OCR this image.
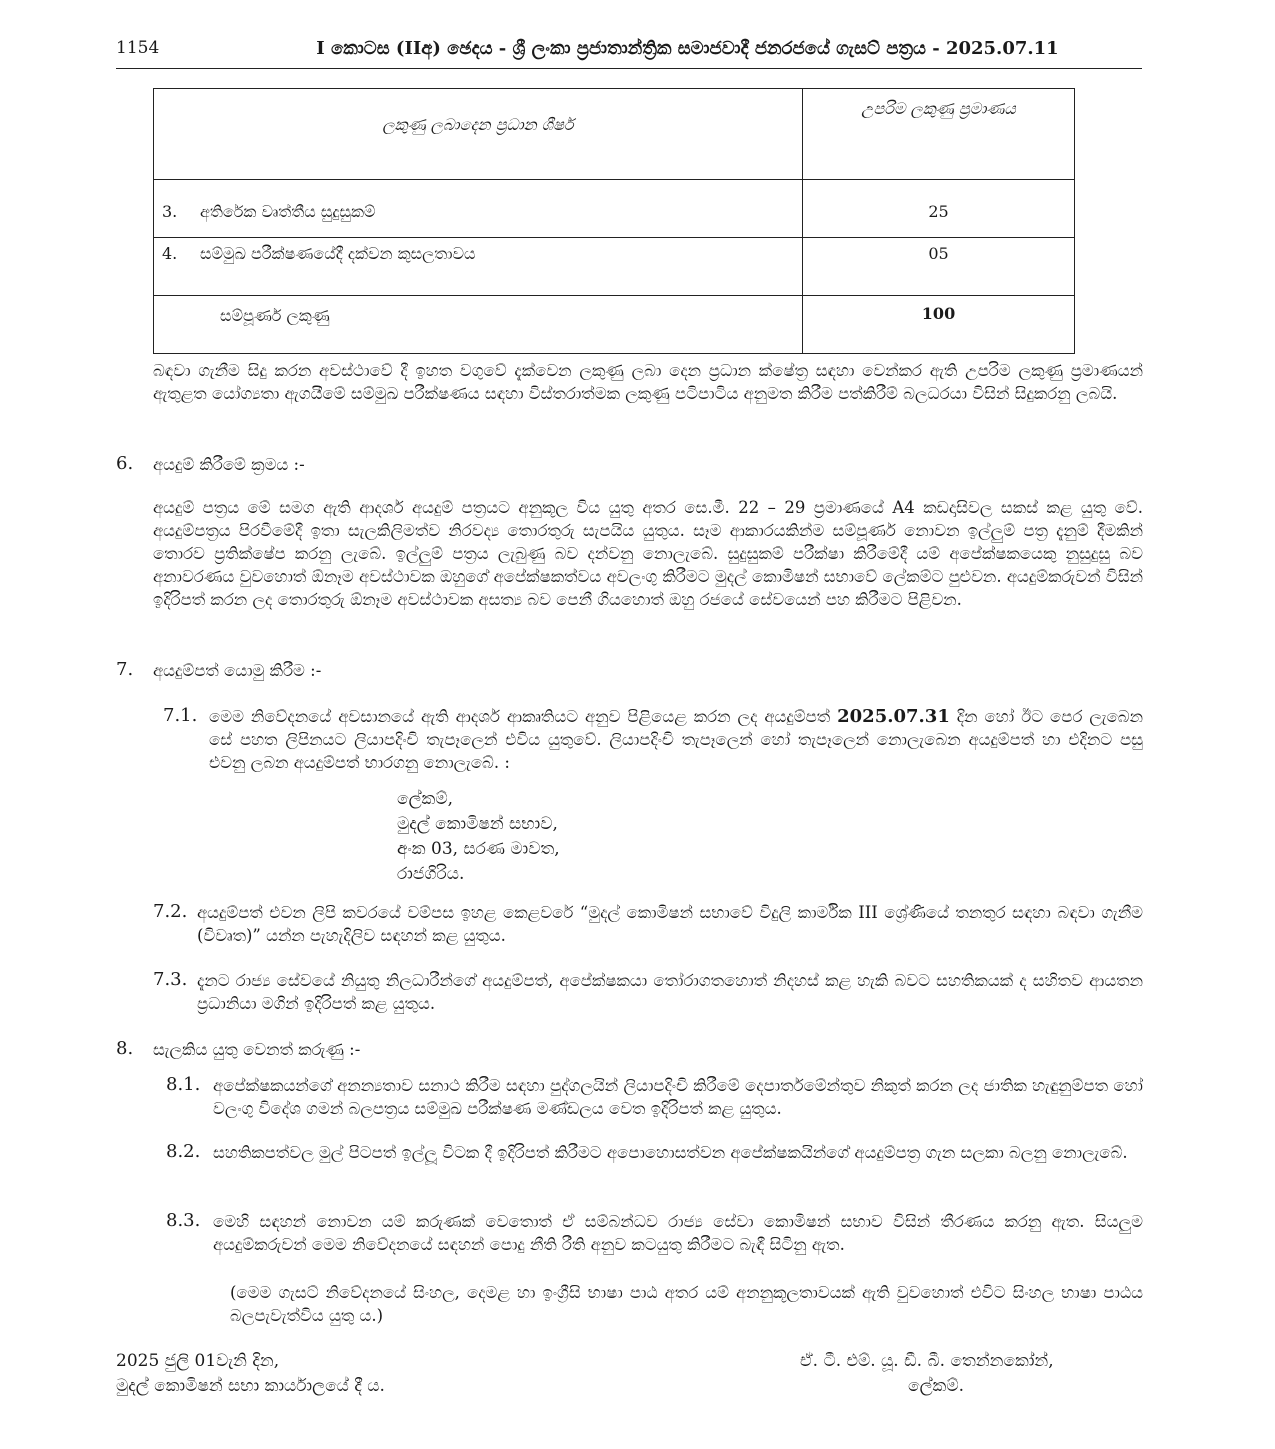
1154	I කොටස (IIඅ) ඡෙදය - ශ්‍රී ලංකා ප්‍රජාතාන්ත්‍රික සමාජවාදී ජනරජයේ ගැසට් පත්‍රය - 2025.07.11
ලකුණු ලබාදෙන ප්‍රධාන ශීර්ෂ	උපරිම ලකුණු ප්‍රමාණය
3. අතිරේක වෘත්තීය සුදුසුකම්	25
4. සම්මුඛ පරීක්ෂණයේදී දක්වන කුසලතාවය	05
සම්පූර්ණ ලකුණු	100
බඳවා ගැනීම සිදු කරන අවස්ථාවේ දී ඉහත වගුවේ දැක්වෙන ලකුණු ලබා දෙන ප්‍රධාන ක්ෂේත්‍ර සඳහා වෙන්කර ඇති උපරිම ලකුණු ප්‍රමාණයන් ඇතුළත යෝග්‍යතා ඇගයීමේ සම්මුඛ පරීක්ෂණය සඳහා විස්තරාත්මක ලකුණු පටිපාටිය අනුමත කිරීම පත්කිරීම් බලධරයා විසින් සිදුකරනු ලබයි.
6. අයදුම් කිරීමේ ක්‍රමය :-
අයදුම් පත්‍රය මේ සමග ඇති ආදර්ශ අයදුම් පත්‍රයට අනුකූල විය යුතු අතර සෙ.මී. 22 – 29 ප්‍රමාණයේ A4 කඩදාසිවල සකස් කළ යුතු වේ. අයදුම්පත්‍රය පිරවීමේදී ඉතා සැලකිලිමත්ව නිරවද්‍ය තොරතුරු සැපයිය යුතුය. සෑම ආකාරයකින්ම සම්පූර්ණ නොවන ඉල්ලුම් පත්‍ර දැනුම් දීමකින් තොරව ප්‍රතික්ෂේප කරනු ලැබේ. ඉල්ලුම් පත්‍රය ලැබුණු බව දන්වනු නොලැබේ. සුදුසුකම් පරීක්ෂා කිරීමේදී යම් අපේක්ෂකයෙකු නුසුදුසු බව අනාවරණය වුවහොත් ඕනෑම අවස්ථාවක ඔහුගේ අපේක්ෂකත්වය අවලංගු කිරීමට මුදල් කොමිෂන් සභාවේ ලේකම්ට පුළුවන. අයදුම්කරුවන් විසින් ඉදිරිපත් කරන ලද තොරතුරු ඕනෑම අවස්ථාවක අසත්‍ය බව පෙනී ගියහොත් ඔහු රජයේ සේවයෙන් පහ කිරීමට පිළිවන.
7. අයදුම්පත් යොමු කිරීම :-
7.1. මෙම නිවේදනයේ අවසානයේ ඇති ආදර්ශ ආකෘතියට අනුව පිළියෙළ කරන ලද අයදුම්පත් 2025.07.31 දින හෝ ඊට පෙර ලැබෙන සේ පහත ලිපිනයට ලියාපදිංචි තැපෑලෙන් එවිය යුතුවේ. ලියාපදිංචි තැපෑලෙන් හෝ තැපෑලෙන් නොලැබෙන අයදුම්පත් හා එදිනට පසු එවනු ලබන අයදුම්පත් භාරගනු නොලැබේ. :
ලේකම්,
මුදල් කොමිෂන් සභාව,
අංක 03, සරණ මාවත,
රාජගිරිය.
7.2. අයදුම්පත් එවන ලිපි කවරයේ වම්පස ඉහළ කෙළවරේ “මුදල් කොමිෂන් සභාවේ විදුලි කාර්මික III ශ්‍රේණියේ තනතුර සඳහා බඳවා ගැනීම (විවෘත)” යන්න පැහැදිලිව සඳහන් කළ යුතුය.
7.3. දැනට රාජ්‍ය සේවයේ නියුතු නිලධාරීන්ගේ අයදුම්පත්, අපේක්ෂකයා තෝරාගතහොත් නිදහස් කළ හැකි බවට සහතිකයක් ද සහිතව ආයතන ප්‍රධානියා මගින් ඉදිරිපත් කළ යුතුය.
8. සැලකිය යුතු වෙනත් කරුණු :-
8.1. අපේක්ෂකයන්ගේ අනන්‍යතාව සනාථ කිරීම සඳහා පුද්ගලයින් ලියාපදිංචි කිරීමේ දෙපාර්තමේන්තුව නිකුත් කරන ලද ජාතික හැඳුනුම්පත හෝ වලංගු විදේශ ගමන් බලපත්‍රය සම්මුඛ පරීක්ෂණ මණ්ඩලය වෙත ඉදිරිපත් කළ යුතුය.
8.2. සහතිකපත්වල මුල් පිටපත් ඉල්ලූ විටක දී ඉදිරිපත් කිරීමට අපොහොසත්වන අපේක්ෂකයින්ගේ අයදුම්පත්‍ර ගැන සලකා බලනු නොලැබේ.
8.3. මෙහි සඳහන් නොවන යම් කරුණක් වෙතොත් ඒ සම්බන්ධව රාජ්‍ය සේවා කොමිෂන් සභාව විසින් තීරණය කරනු ඇත. සියලුම අයදුම්කරුවන් මෙම නිවේදනයේ සඳහන් පොදු නීති රීති අනුව කටයුතු කිරීමට බැඳී සිටිනු ඇත.
(මෙම ගැසට් නිවේදනයේ සිංහල, දෙමළ හා ඉංග්‍රීසි භාෂා පාඨ අතර යම් අනනුකූලතාවයක් ඇති වුවහොත් එවිට සිංහල භාෂා පාඨය බලපැවැත්විය යුතු ය.)
2025 ජුලි 01වැනි දින,
මුදල් කොමිෂන් සභා කාර්යාලයේ දී ය.
ඒ. ටී. එම්. යූ. ඩී. බී. තෙන්නකෝන්,
ලේකම්.
